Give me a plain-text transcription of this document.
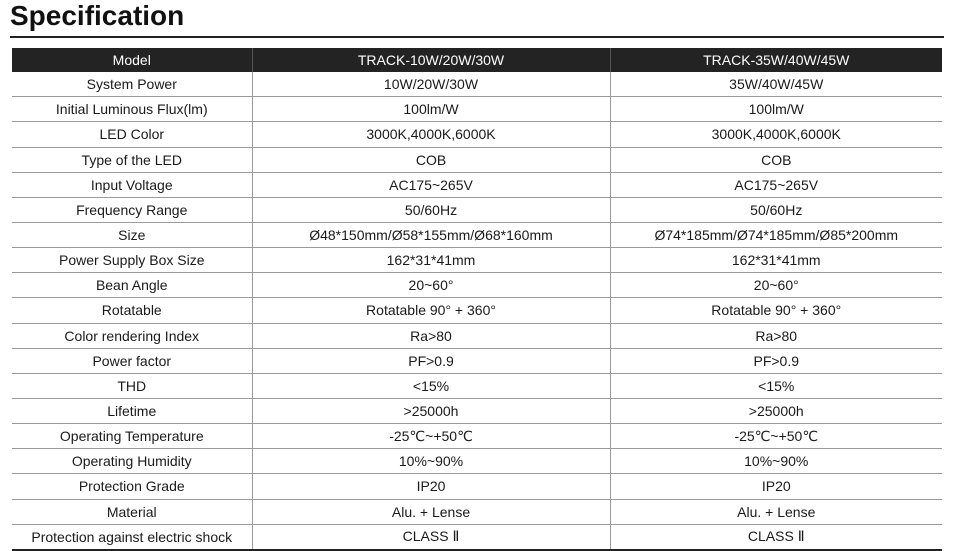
Specification
Model	TRACK-10W/20W/30W	TRACK-35W/40W/45W
System Power	10W/20W/30W	35W/40W/45W
Initial Luminous Flux(lm)	100lm/W	100lm/W
LED Color	3000K,4000K,6000K	3000K,4000K,6000K
Type of the LED	COB	COB
Input Voltage	AC175~265V	AC175~265V
Frequency Range	50/60Hz	50/60Hz
Size	Ø48*150mm/Ø58*155mm/Ø68*160mm	Ø74*185mm/Ø74*185mm/Ø85*200mm
Power Supply Box Size	162*31*41mm	162*31*41mm
Bean Angle	20~60°	20~60°
Rotatable	Rotatable 90° + 360°	Rotatable 90° + 360°
Color rendering Index	Ra>80	Ra>80
Power factor	PF>0.9	PF>0.9
THD	<15%	<15%
Lifetime	>25000h	>25000h
Operating Temperature	-25℃~+50℃	-25℃~+50℃
Operating Humidity	10%~90%	10%~90%
Protection Grade	IP20	IP20
Material	Alu. + Lense	Alu. + Lense
Protection against electric shock	CLASS Ⅱ	CLASS Ⅱ
